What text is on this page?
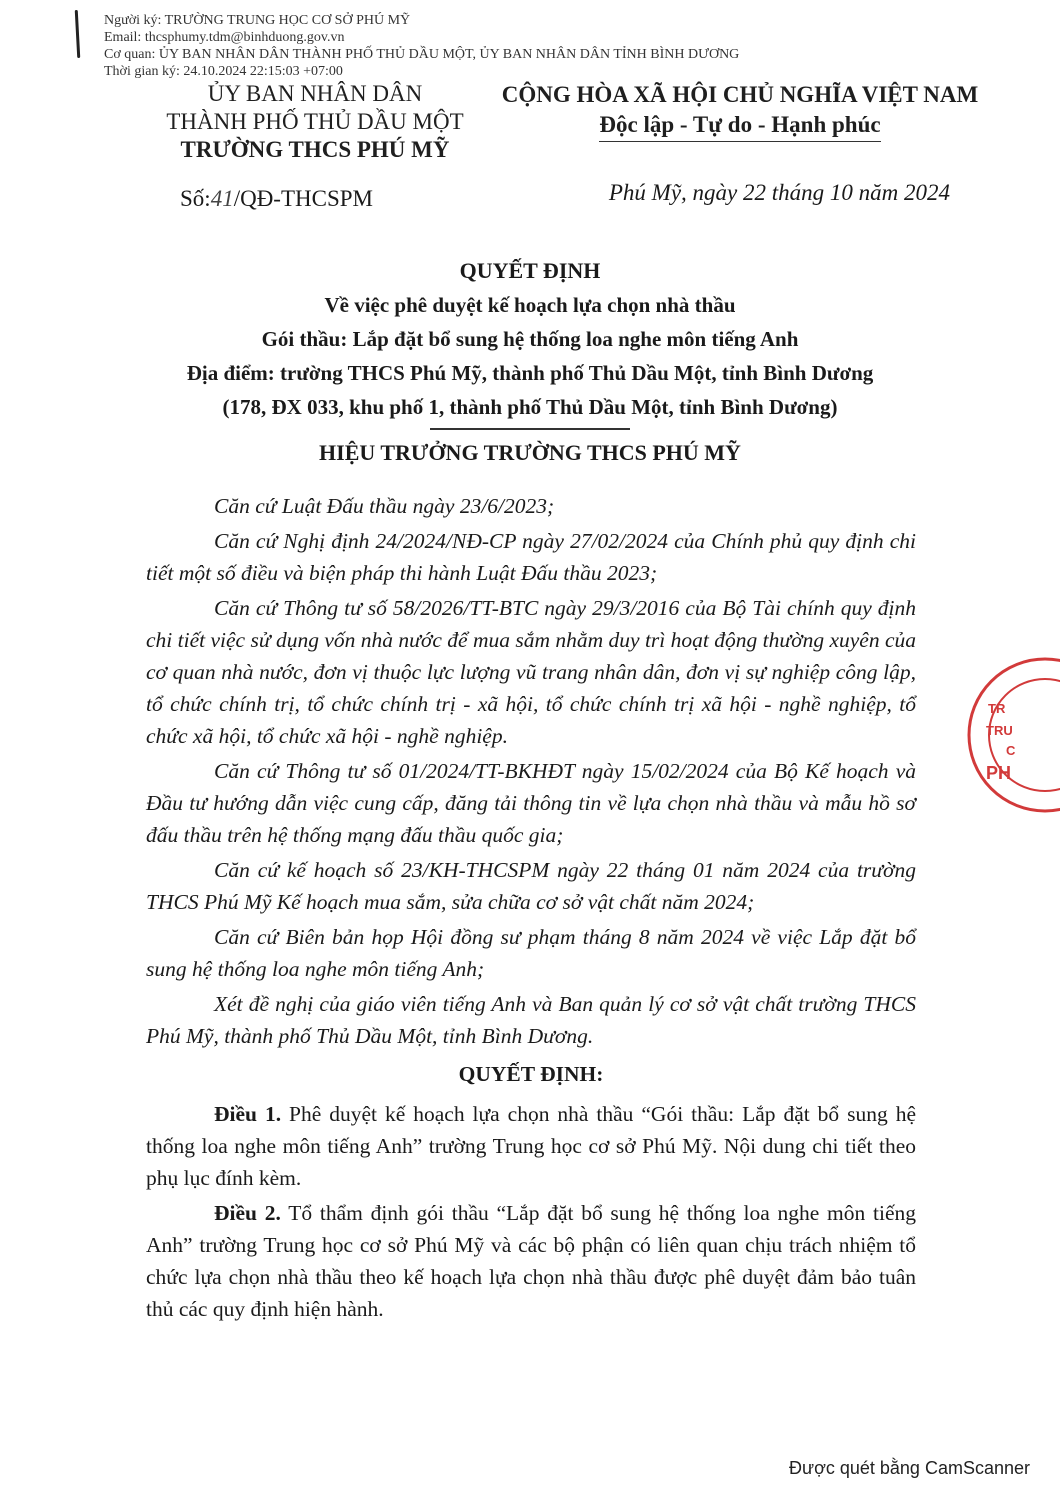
Người ký: TRƯỜNG TRUNG HỌC CƠ SỞ PHÚ MỸ
Email: thcsphumy.tdm@binhduong.gov.vn
Cơ quan: ỦY BAN NHÂN DÂN THÀNH PHỐ THỦ DẦU MỘT, ỦY BAN NHÂN DÂN TỈNH BÌNH DƯƠNG
Thời gian ký: 24.10.2024 22:15:03 +07:00
ỦY BAN NHÂN DÂN
THÀNH PHỐ THỦ DẦU MỘT
TRƯỜNG THCS PHÚ MỸ
CỘNG HÒA XÃ HỘI CHỦ NGHĨA VIỆT NAM
Độc lập - Tự do - Hạnh phúc
Số:41/QĐ-THCSPM	Phú Mỹ, ngày 22 tháng 10 năm 2024
QUYẾT ĐỊNH
Về việc phê duyệt kế hoạch lựa chọn nhà thầu
Gói thầu: Lắp đặt bổ sung hệ thống loa nghe môn tiếng Anh
Địa điểm: trường THCS Phú Mỹ, thành phố Thủ Dầu Một, tỉnh Bình Dương
(178, ĐX 033, khu phố 1, thành phố Thủ Dầu Một, tỉnh Bình Dương)
HIỆU TRƯỞNG TRƯỜNG THCS PHÚ MỸ

Căn cứ Luật Đấu thầu ngày 23/6/2023;

Căn cứ Nghị định 24/2024/NĐ-CP ngày 27/02/2024 của Chính phủ quy định chi tiết một số điều và biện pháp thi hành Luật Đấu thầu 2023;

Căn cứ Thông tư số 58/2026/TT-BTC ngày 29/3/2016 của Bộ Tài chính quy định chi tiết việc sử dụng vốn nhà nước để mua sắm nhằm duy trì hoạt động thường xuyên của cơ quan nhà nước, đơn vị thuộc lực lượng vũ trang nhân dân, đơn vị sự nghiệp công lập, tổ chức chính trị, tổ chức chính trị - xã hội, tổ chức chính trị xã hội - nghề nghiệp, tổ chức xã hội, tổ chức xã hội - nghề nghiệp.

Căn cứ Thông tư số 01/2024/TT-BKHĐT ngày 15/02/2024 của Bộ Kế hoạch và Đầu tư hướng dẫn việc cung cấp, đăng tải thông tin về lựa chọn nhà thầu và mẫu hồ sơ đấu thầu trên hệ thống mạng đấu thầu quốc gia;

Căn cứ kế hoạch số 23/KH-THCSPM ngày 22 tháng 01 năm 2024 của trường THCS Phú Mỹ Kế hoạch mua sắm, sửa chữa cơ sở vật chất năm 2024;

Căn cứ Biên bản họp Hội đồng sư phạm tháng 8 năm 2024 về việc Lắp đặt bổ sung hệ thống loa nghe môn tiếng Anh;

Xét đề nghị của giáo viên tiếng Anh và Ban quản lý cơ sở vật chất trường THCS Phú Mỹ, thành phố Thủ Dầu Một, tỉnh Bình Dương.

QUYẾT ĐỊNH:

Điều 1. Phê duyệt kế hoạch lựa chọn nhà thầu “Gói thầu: Lắp đặt bổ sung hệ thống loa nghe môn tiếng Anh” trường Trung học cơ sở Phú Mỹ. Nội dung chi tiết theo phụ lục đính kèm.

Điều 2. Tổ thẩm định gói thầu “Lắp đặt bổ sung hệ thống loa nghe môn tiếng Anh” trường Trung học cơ sở Phú Mỹ và các bộ phận có liên quan chịu trách nhiệm tổ chức lựa chọn nhà thầu theo kế hoạch lựa chọn nhà thầu được phê duyệt đảm bảo tuân thủ các quy định hiện hành.

TR
TRU
C
PH
Được quét bằng CamScanner
